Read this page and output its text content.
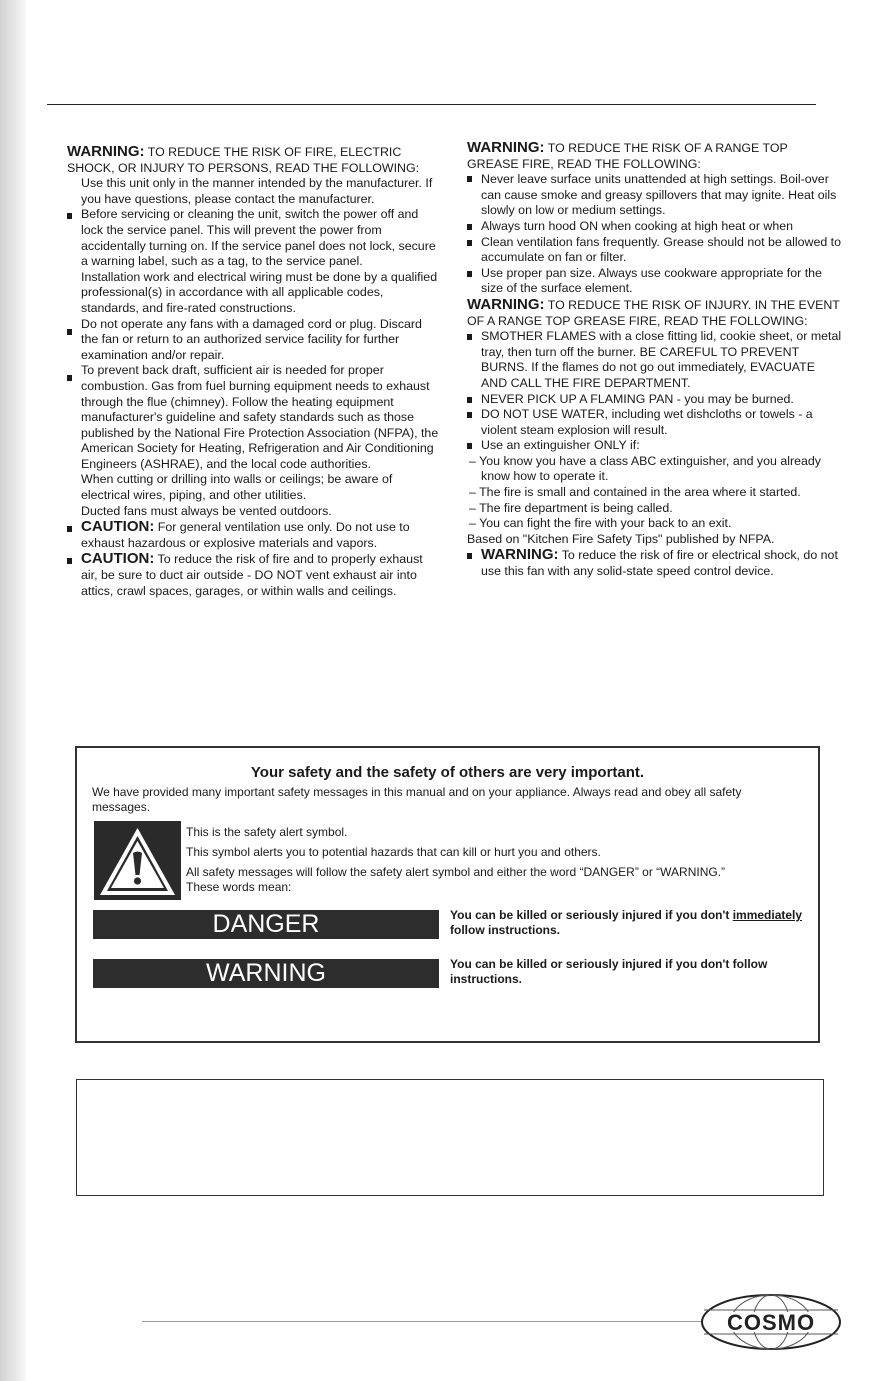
WARNING: TO REDUCE THE RISK OF FIRE, ELECTRIC SHOCK, OR INJURY TO PERSONS, READ THE FOLLOWING:

Use this unit only in the manner intended by the manufacturer. If you have questions, please contact the manufacturer.

Before servicing or cleaning the unit, switch the power off and lock the service panel. This will prevent the power from accidentally turning on. If the service panel does not lock, secure a warning label, such as a tag, to the service panel.

Installation work and electrical wiring must be done by a qualified professional(s) in accordance with all applicable codes, standards, and fire-rated constructions.

Do not operate any fans with a damaged cord or plug. Discard the fan or return to an authorized service facility for further examination and/or repair.

To prevent back draft, sufficient air is needed for proper combustion. Gas from fuel burning equipment needs to exhaust through the flue (chimney). Follow the heating equipment manufacturer's guideline and safety standards such as those published by the National Fire Protection Association (NFPA), the American Society for Heating, Refrigeration and Air Conditioning Engineers (ASHRAE), and the local code authorities.

When cutting or drilling into walls or ceilings; be aware of electrical wires, piping, and other utilities.

Ducted fans must always be vented outdoors.

CAUTION: For general ventilation use only. Do not use to exhaust hazardous or explosive materials and vapors.

CAUTION: To reduce the risk of fire and to properly exhaust air, be sure to duct air outside - DO NOT vent exhaust air into attics, crawl spaces, garages, or within walls and ceilings.

WARNING: TO REDUCE THE RISK OF A RANGE TOP GREASE FIRE, READ THE FOLLOWING:

Never leave surface units unattended at high settings. Boil-over can cause smoke and greasy spillovers that may ignite. Heat oils slowly on low or medium settings.

Always turn hood ON when cooking at high heat or when

Clean ventilation fans frequently. Grease should not be allowed to accumulate on fan or filter.

Use proper pan size. Always use cookware appropriate for the size of the surface element.

WARNING: TO REDUCE THE RISK OF INJURY. IN THE EVENT OF A RANGE TOP GREASE FIRE, READ THE FOLLOWING:

SMOTHER FLAMES with a close fitting lid, cookie sheet, or metal tray, then turn off the burner. BE CAREFUL TO PREVENT BURNS. If the flames do not go out immediately, EVACUATE AND CALL THE FIRE DEPARTMENT.

NEVER PICK UP A FLAMING PAN - you may be burned.

DO NOT USE WATER, including wet dishcloths or towels - a violent steam explosion will result.

Use an extinguisher ONLY if:

– You know you have a class ABC extinguisher, and you already know how to operate it.

– The fire is small and contained in the area where it started.

– The fire department is being called.

– You can fight the fire with your back to an exit.

Based on "Kitchen Fire Safety Tips" published by NFPA.

WARNING: To reduce the risk of fire or electrical shock, do not use this fan with any solid-state speed control device.

Your safety and the safety of others are very important.
We have provided many important safety messages in this manual and on your appliance. Always read and obey all safety messages.

This is the safety alert symbol.

This symbol alerts you to potential hazards that can kill or hurt you and others.

All safety messages will follow the safety alert symbol and either the word “DANGER” or “WARNING.”

These words mean:

DANGER	You can be killed or seriously injured if you don't immediately follow instructions.
WARNING	You can be killed or seriously injured if you don't follow instructions.
COSMO
